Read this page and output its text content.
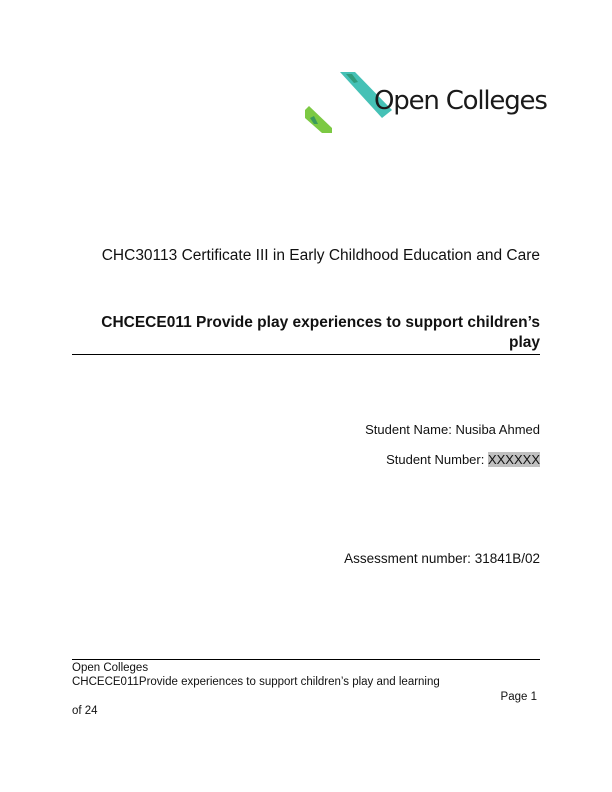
Open Colleges
CHC30113 Certificate III in Early Childhood Education and Care
CHCECE011 Provide play experiences to support children’s play
Student Name: Nusiba Ahmed
Student Number: XXXXXX
Assessment number: 31841B/02
Open Colleges
CHCECE011Provide experiences to support children’s play and learning
Page 1
of 24
